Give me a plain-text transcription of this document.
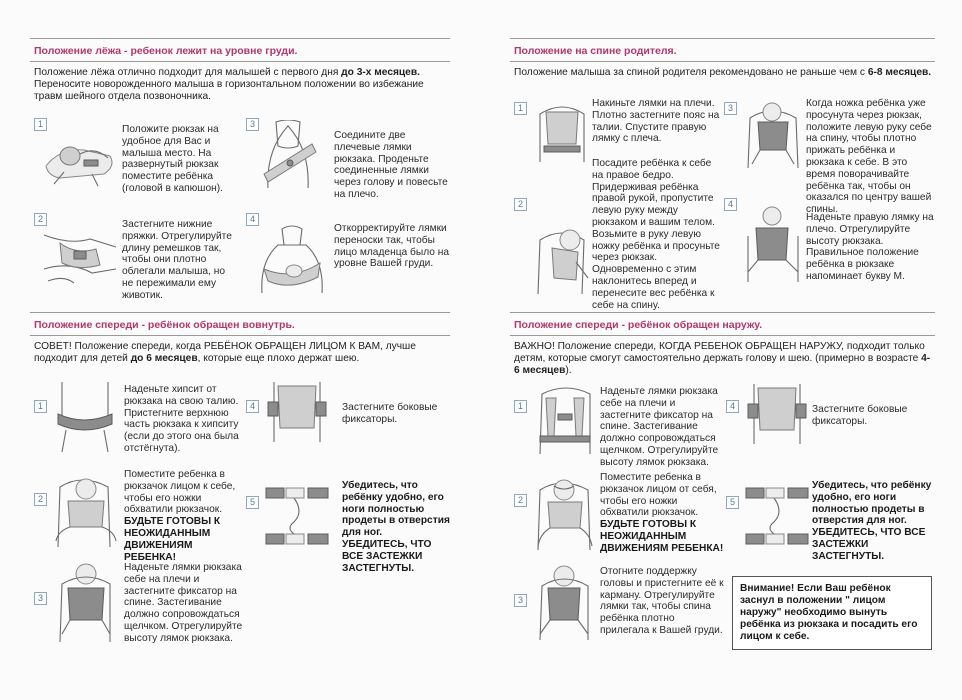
Положение лёжа - ребенок лежит на уровне груди.
Положение лёжа отлично подходит для малышей с первого дня до 3-х месяцев. Переносите новорожденного малыша в горизонтальном положении во избежание травм шейного отдела позвоночника.
1	Положите рюкзак на удобное для Вас и малыша место. На развернутый рюкзак поместите ребёнка (головой в капюшон).
2	Застегните нижние пряжки. Отрегулируйте длину ремешков так, чтобы они плотно облегали малыша, но не пережимали ему животик.
3
Соедините две плечевые лямки рюкзака. Проденьте соединенные лямки через голову и повесьте на плечо.
4
Откорректируйте лямки переноски так, чтобы лицо младенца было на уровне Вашей груди.
Положение на спине родителя.
Положение малыша за спиной родителя рекомендовано не раньше чем с 6-8 месяцев.
1	Накиньте лямки на плечи. Плотно застегните пояс на талии. Спустите правую лямку с плеча.
2
Посадите ребёнка к себе на правое бедро. Придерживая ребёнка правой рукой, пропустите левую руку между рюкзаком и вашим телом. Возьмите в руку левую ножку ребёнка и просуньте через рюкзак. Одновременно с этим наклонитесь вперед и перенесите вес ребёнка к себе на спину.
3	Когда ножка ребёнка уже просунута через рюкзак, положите левую руку себе на спину, чтобы плотно прижать ребёнка и рюкзака к себе. В это время поворачивайте ребёнка так, чтобы он оказался по центру вашей спины.
4
Наденьте правую лямку на плечо. Отрегулируйте высоту рюкзака. Правильное положение ребёнка в рюкзаке напоминает букву М.
Положение спереди - ребёнок обращен вовнутрь.
СОВЕТ! Положение спереди, когда РЕБЁНОК ОБРАЩЕН ЛИЦОМ К ВАМ, лучше подходит для детей до 6 месяцев, которые еще плохо держат шею.
1
Наденьте хипсит от рюкзака на свою талию. Пристегните верхнюю часть рюкзака к хипситу (если до этого она была отстёгнута).
2
Поместите ребенка в рюкзачок лицом к себе, чтобы его ножки обхватили рюкзачок. БУДЬТЕ ГОТОВЫ К НЕОЖИДАННЫМ ДВИЖЕНИЯМ РЕБЕНКА!
3
Наденьте лямки рюкзака себе на плечи и застегните фиксатор на спине. Застегивание должно сопровождаться щелчком. Отрегулируйте высоту лямок рюкзака.
4	Застегните боковые фиксаторы.
5
Убедитесь, что ребёнку удобно, его ноги полностью продеты в отверстия для ног. УБЕДИТЕСЬ, ЧТО ВСЕ ЗАСТЕЖКИ ЗАСТЕГНУТЫ.
Положение спереди - ребёнок обращен наружу.
ВАЖНО! Положение спереди, КОГДА РЕБЕНОК ОБРАЩЕН НАРУЖУ, подходит только детям, которые смогут самостоятельно держать голову и шею. (примерно в возрасте 4-6 месяцев).
1
Наденьте лямки рюкзака себе на плечи и застегните фиксатор на спине. Застегивание должно сопровождаться щелчком. Отрегулируйте высоту лямок рюкзака.
2
Поместите ребенка в рюкзачок лицом от себя, чтобы его ножки обхватили рюкзачок. БУДЬТЕ ГОТОВЫ К НЕОЖИДАННЫМ ДВИЖЕНИЯМ РЕБЕНКА!
3
Отогните поддержку головы и пристегните её к карману. Отрегулируйте лямки так, чтобы спина ребёнка плотно прилегала к Вашей груди.
4	Застегните боковые фиксаторы.
5
Убедитесь, что ребёнку удобно, его ноги полностью продеты в отверстия для ног. УБЕДИТЕСЬ, ЧТО ВСЕ ЗАСТЕЖКИ ЗАСТЕГНУТЫ.
Внимание! Если Ваш ребёнок заснул в положении " лицом наружу" необходимо вынуть ребёнка из рюкзака и посадить его лицом к себе.
